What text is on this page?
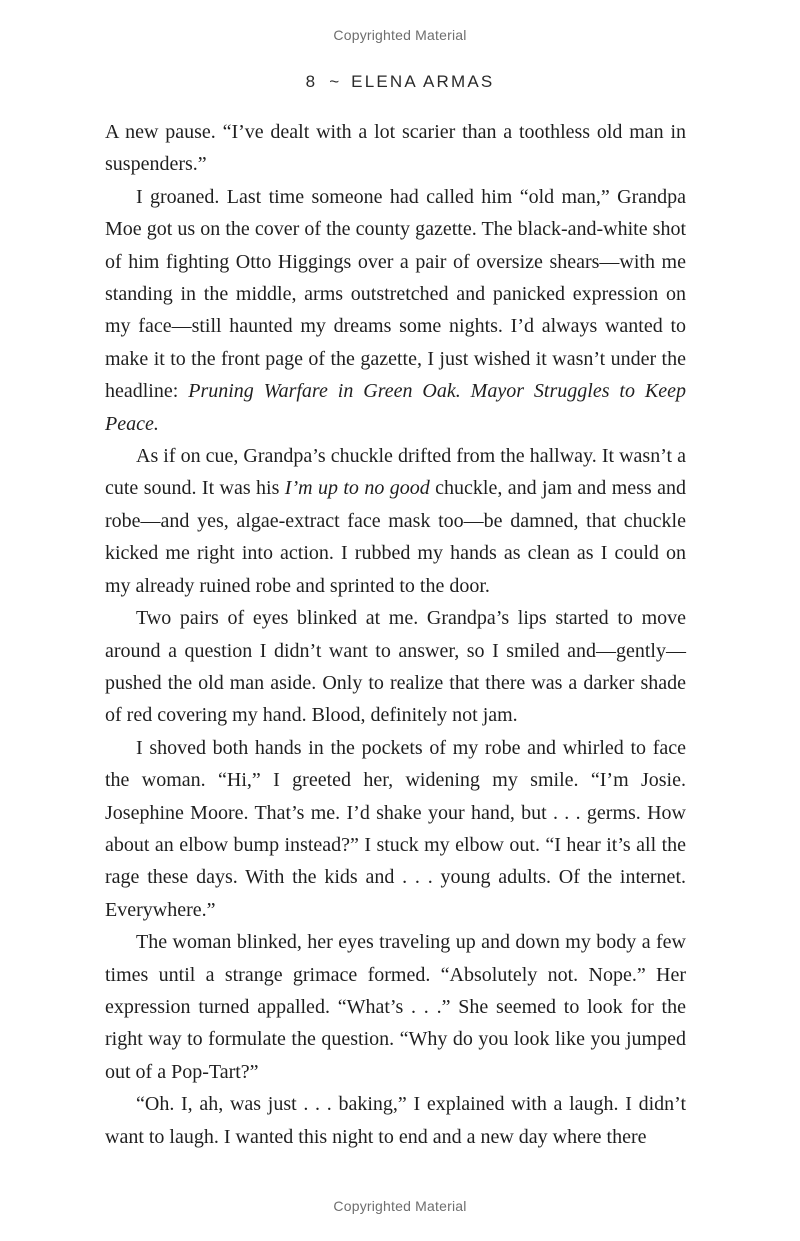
Copyrighted Material
8 ~ ELENA ARMAS

A new pause. “I’ve dealt with a lot scarier than a toothless old man in suspenders.”

I groaned. Last time someone had called him “old man,” Grandpa Moe got us on the cover of the county gazette. The black-and-white shot of him fighting Otto Higgings over a pair of oversize shears—with me standing in the middle, arms outstretched and panicked expression on my face—still haunted my dreams some nights. I’d always wanted to make it to the front page of the gazette, I just wished it wasn’t under the headline: Pruning Warfare in Green Oak. Mayor Struggles to Keep Peace.

As if on cue, Grandpa’s chuckle drifted from the hallway. It wasn’t a cute sound. It was his I’m up to no good chuckle, and jam and mess and robe—and yes, algae-extract face mask too—be damned, that chuckle kicked me right into action. I rubbed my hands as clean as I could on my already ruined robe and sprinted to the door.

Two pairs of eyes blinked at me. Grandpa’s lips started to move around a question I didn’t want to answer, so I smiled and—gently—pushed the old man aside. Only to realize that there was a darker shade of red covering my hand. Blood, definitely not jam.

I shoved both hands in the pockets of my robe and whirled to face the woman. “Hi,” I greeted her, widening my smile. “I’m Josie. Josephine Moore. That’s me. I’d shake your hand, but . . . germs. How about an elbow bump instead?” I stuck my elbow out. “I hear it’s all the rage these days. With the kids and . . . young adults. Of the internet. Everywhere.”

The woman blinked, her eyes traveling up and down my body a few times until a strange grimace formed. “Absolutely not. Nope.” Her expression turned appalled. “What’s . . .” She seemed to look for the right way to formulate the question. “Why do you look like you jumped out of a Pop-Tart?”

“Oh. I, ah, was just . . . baking,” I explained with a laugh. I didn’t want to laugh. I wanted this night to end and a new day where there

Copyrighted Material
